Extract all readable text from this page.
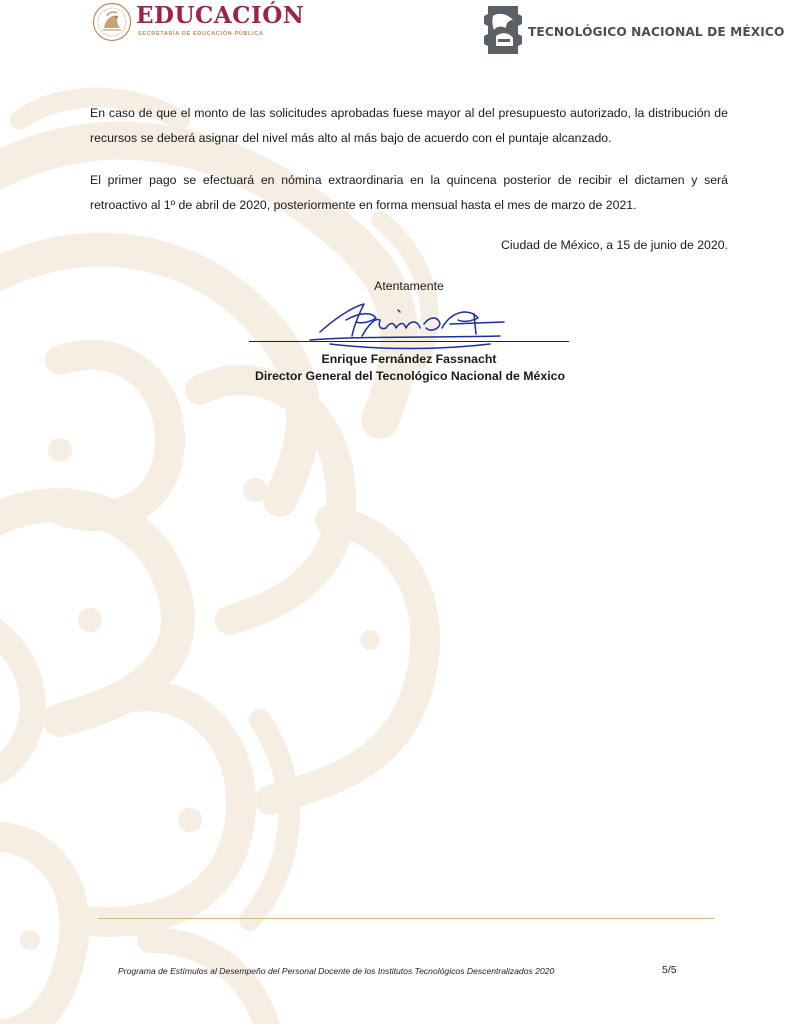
EDUCACIÓN
SECRETARÍA DE EDUCACIÓN PÚBLICA	TECNOLÓGICO NACIONAL DE MÉXICO

En caso de que el monto de las solicitudes aprobadas fuese mayor al del presupuesto autorizado, la distribución de recursos se deberá asignar del nivel más alto al más bajo de acuerdo con el puntaje alcanzado.

El primer pago se efectuará en nómina extraordinaria en la quincena posterior de recibir el dictamen y será retroactivo al 1º de abril de 2020, posteriormente en forma mensual hasta el mes de marzo de 2021.

Ciudad de México, a 15 de junio de 2020.
Atentamente
Enrique Fernández Fassnacht
Director General del Tecnológico Nacional de México
Programa de Estímulos al Desempeño del Personal Docente de los Institutos Tecnológicos Descentralizados 2020	5/5
